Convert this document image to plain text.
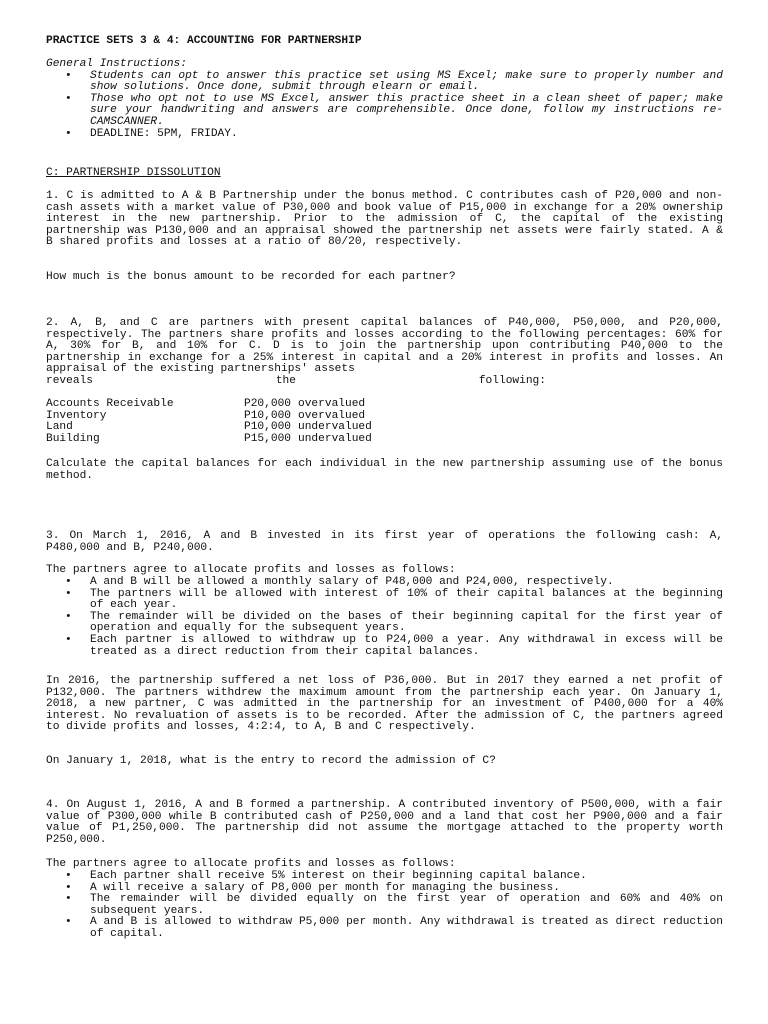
PRACTICE SETS 3 & 4: ACCOUNTING FOR PARTNERSHIP

General Instructions:

• Students can opt to answer this practice set using MS Excel; make sure to properly number and show solutions. Once done, submit through elearn or email.
• Those who opt not to use MS Excel, answer this practice sheet in a clean sheet of paper; make sure your handwriting and answers are comprehensible. Once done, follow my instructions re- CAMSCANNER.
• DEADLINE: 5PM, FRIDAY.
C: PARTNERSHIP DISSOLUTION

1. C is admitted to A & B Partnership under the bonus method. C contributes cash of P20,000 and non-cash assets with a market value of P30,000 and book value of P15,000 in exchange for a 20% ownership interest in the new partnership. Prior to the admission of C, the capital of the existing partnership was P130,000 and an appraisal showed the partnership net assets were fairly stated. A & B shared profits and losses at a ratio of 80/20, respectively.

How much is the bonus amount to be recorded for each partner?

2. A, B, and C are partners with present capital balances of P40,000, P50,000, and P20,000, respectively. The partners share profits and losses according to the following percentages: 60% for A, 30% for B, and 10% for C. D is to join the partnership upon contributing P40,000 to the partnership in exchange for a 25% interest in capital and a 20% interest in profits and losses. An appraisal of the existing partnerships' assets

reveals	the	following:
Accounts Receivable	P20,000	overvalued
Inventory	P10,000	overvalued
Land	P10,000	undervalued
Building	P15,000	undervalued

Calculate the capital balances for each individual in the new partnership assuming use of the bonus method.

3. On March 1, 2016, A and B invested in its first year of operations the following cash: A, P480,000 and B, P240,000.

The partners agree to allocate profits and losses as follows:

• A and B will be allowed a monthly salary of P48,000 and P24,000, respectively.
• The partners will be allowed with interest of 10% of their capital balances at the beginning of each year.
• The remainder will be divided on the bases of their beginning capital for the first year of operation and equally for the subsequent years.
• Each partner is allowed to withdraw up to P24,000 a year. Any withdrawal in excess will be treated as a direct reduction from their capital balances.

In 2016, the partnership suffered a net loss of P36,000. But in 2017 they earned a net profit of P132,000. The partners withdrew the maximum amount from the partnership each year. On January 1, 2018, a new partner, C was admitted in the partnership for an investment of P400,000 for a 40% interest. No revaluation of assets is to be recorded. After the admission of C, the partners agreed to divide profits and losses, 4:2:4, to A, B and C respectively.

On January 1, 2018, what is the entry to record the admission of C?

4. On August 1, 2016, A and B formed a partnership. A contributed inventory of P500,000, with a fair value of P300,000 while B contributed cash of P250,000 and a land that cost her P900,000 and a fair value of P1,250,000. The partnership did not assume the mortgage attached to the property worth P250,000.

The partners agree to allocate profits and losses as follows:

• Each partner shall receive 5% interest on their beginning capital balance.
• A will receive a salary of P8,000 per month for managing the business.
• The remainder will be divided equally on the first year of operation and 60% and 40% on subsequent years.
• A and B is allowed to withdraw P5,000 per month. Any withdrawal is treated as direct reduction of capital.
